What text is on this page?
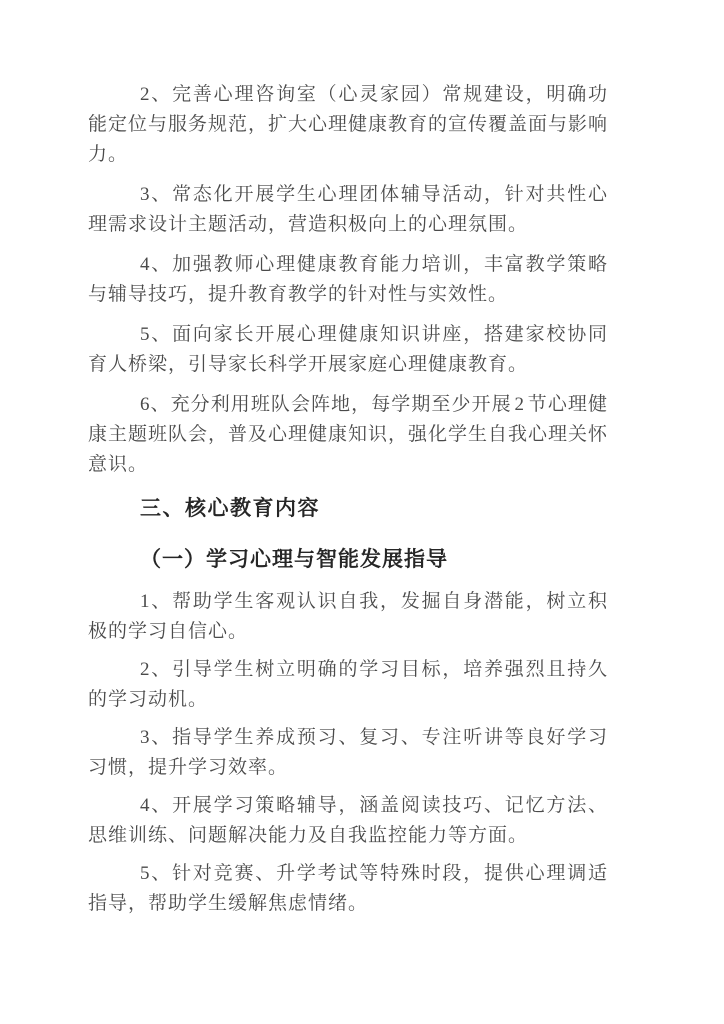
2、完善心理咨询室（心灵家园）常规建设，明确功能定位与服务规范，扩大心理健康教育的宣传覆盖面与影响力。

3、常态化开展学生心理团体辅导活动，针对共性心理需求设计主题活动，营造积极向上的心理氛围。

4、加强教师心理健康教育能力培训，丰富教学策略与辅导技巧，提升教育教学的针对性与实效性。

5、面向家长开展心理健康知识讲座，搭建家校协同育人桥梁，引导家长科学开展家庭心理健康教育。

6、充分利用班队会阵地，每学期至少开展 2 节心理健康主题班队会，普及心理健康知识，强化学生自我心理关怀意识。

三、核心教育内容
（一）学习心理与智能发展指导

1、帮助学生客观认识自我，发掘自身潜能，树立积极的学习自信心。

2、引导学生树立明确的学习目标，培养强烈且持久的学习动机。

3、指导学生养成预习、复习、专注听讲等良好学习习惯，提升学习效率。

4、开展学习策略辅导，涵盖阅读技巧、记忆方法、思维训练、问题解决能力及自我监控能力等方面。

5、针对竞赛、升学考试等特殊时段，提供心理调适指导，帮助学生缓解焦虑情绪。
